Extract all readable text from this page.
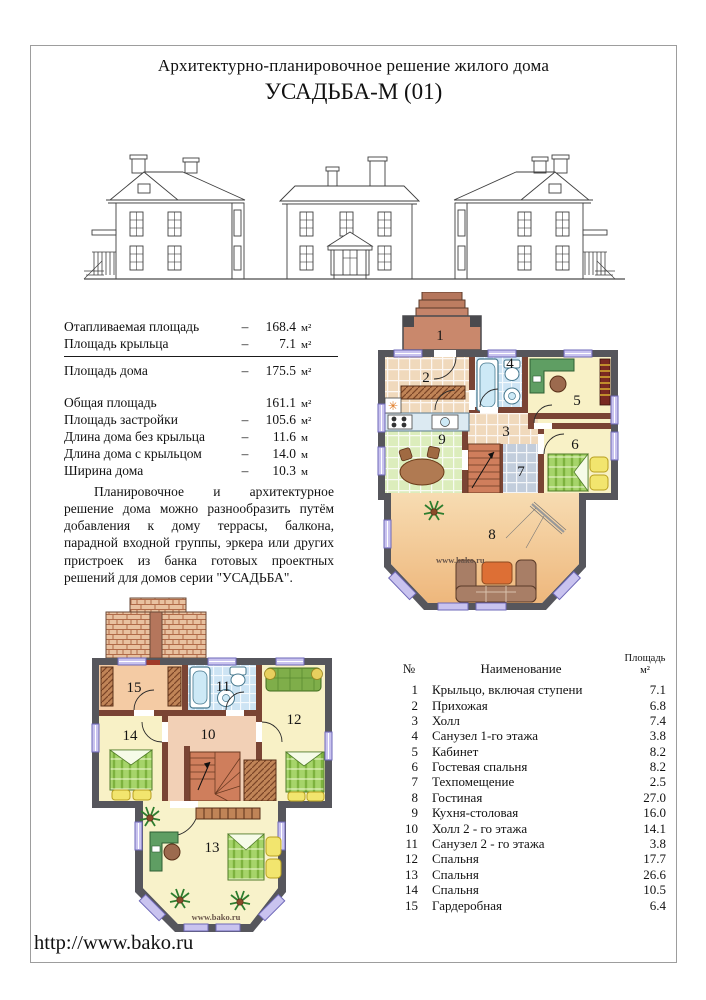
Архитектурно-планировочное решение жилого дома
УСАДЬБА-М (01)
Отапливаемая площадь	–	168.4 м²
Площадь крыльца	–	7.1 м²
Площадь дома	–	175.5 м²
Общая площадь	161.1 м²
Площадь застройки	–	105.6 м²
Длина дома без крыльца	–	11.6 м
Длина дома с крыльцом	–	14.0 м
Ширина дома	–	10.3 м
Планировочное и архитектурное решение дома можно разнообразить путём добавления к дому террасы, балкона, парадной входной группы, эркера или других пристроек из банка готовых проектных решений для домов серии "УСАДЬБА".
✳
www.bako.ru
1
2
3
4
5
6
7
8
9
www.bako.ru
10
11
12
13
14
15
№	Наименование
Площадь
м²
1	Крыльцо, включая ступени	7.1
2	Прихожая	6.8
3	Холл	7.4
4	Санузел 1-го этажа	3.8
5	Кабинет	8.2
6	Гостевая спальня	8.2
7	Техпомещение	2.5
8	Гостиная	27.0
9	Кухня-столовая	16.0
10	Холл 2 - го этажа	14.1
11	Санузел 2 - го этажа	3.8
12	Спальня	17.7
13	Спальня	26.6
14	Спальня	10.5
15	Гардеробная	6.4
http://www.bako.ru
